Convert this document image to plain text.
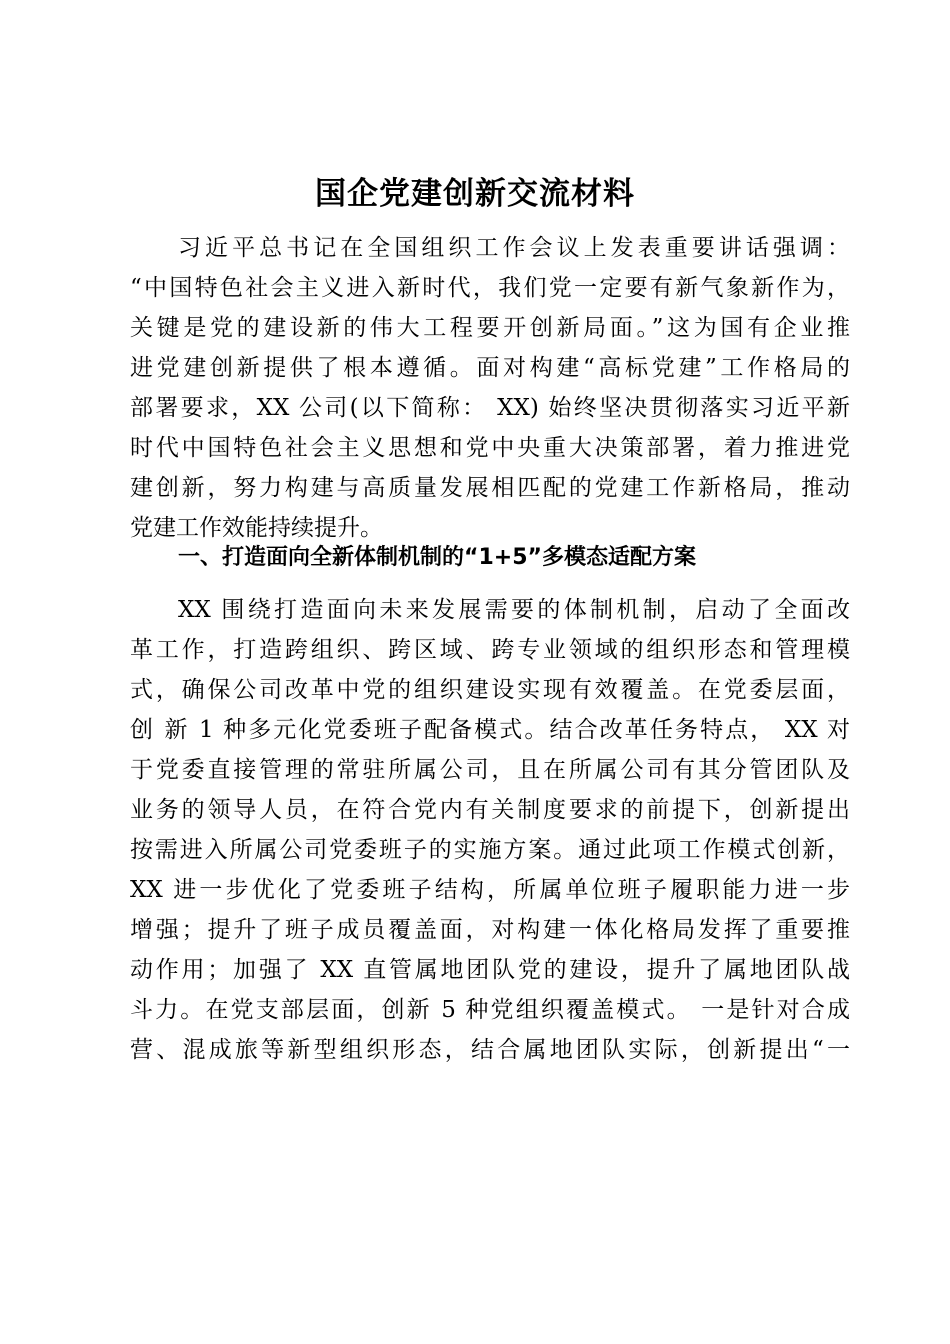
国企党建创新交流材料

习近平总书记在全国组织工作会议上发表重要讲话强调：

“中国特色社会主义进入新时代，我们党一定要有新气象新作为，

关键是党的建设新的伟大工程要开创新局面。”这为国有企业推

进党建创新提供了根本遵循。面对构建“高标党建”工作格局的

部署要求，XX 公司(以下简称： XX) 始终坚决贯彻落实习近平新

时代中国特色社会主义思想和党中央重大决策部署，着力推进党

建创新，努力构建与高质量发展相匹配的党建工作新格局，推动

党建工作效能持续提升。

一、打造面向全新体制机制的“1+5”多模态适配方案

XX 围绕打造面向未来发展需要的体制机制，启动了全面改

革工作，打造跨组织、跨区域、跨专业领域的组织形态和管理模

式，确保公司改革中党的组织建设实现有效覆盖。在党委层面，

创 新 1 种多元化党委班子配备模式。结合改革任务特点， XX 对

于党委直接管理的常驻所属公司，且在所属公司有其分管团队及

业务的领导人员，在符合党内有关制度要求的前提下，创新提出

按需进入所属公司党委班子的实施方案。通过此项工作模式创新，

XX 进一步优化了党委班子结构，所属单位班子履职能力进一步

增强；提升了班子成员覆盖面，对构建一体化格局发挥了重要推

动作用；加强了 XX 直管属地团队党的建设，提升了属地团队战

斗力。在党支部层面，创新 5 种党组织覆盖模式。 一是针对合成

营、混成旅等新型组织形态，结合属地团队实际，创新提出“一
